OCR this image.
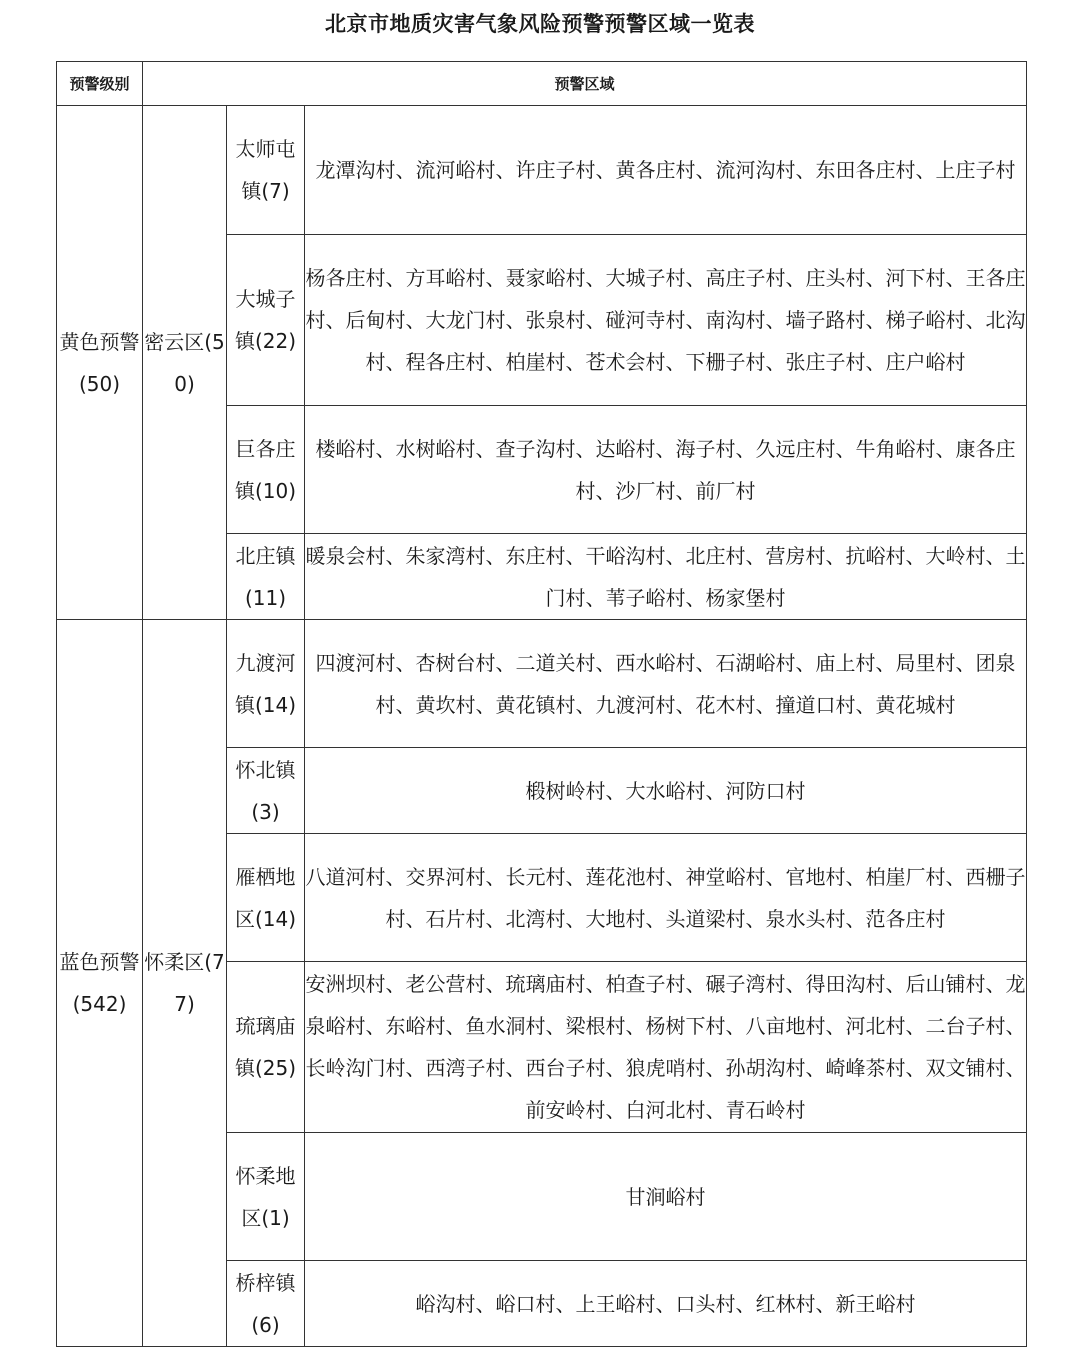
北京市地质灾害气象风险预警预警区域一览表
预警级别	预警区域		
黄色预警(50)	密云区(50)	太师屯镇(7)	龙潭沟村、流河峪村、许庄子村、黄各庄村、流河沟村、东田各庄村、上庄子村
		大城子镇(22)	杨各庄村、方耳峪村、聂家峪村、大城子村、高庄子村、庄头村、河下村、王各庄村、后甸村、大龙门村、张泉村、碰河寺村、南沟村、墙子路村、梯子峪村、北沟村、程各庄村、柏崖村、苍术会村、下栅子村、张庄子村、庄户峪村
		巨各庄镇(10)	楼峪村、水树峪村、查子沟村、达峪村、海子村、久远庄村、牛角峪村、康各庄村、沙厂村、前厂村
		北庄镇(11)	暖泉会村、朱家湾村、东庄村、干峪沟村、北庄村、营房村、抗峪村、大岭村、土门村、苇子峪村、杨家堡村
蓝色预警(542)	怀柔区(77)	九渡河镇(14)	四渡河村、杏树台村、二道关村、西水峪村、石湖峪村、庙上村、局里村、团泉村、黄坎村、黄花镇村、九渡河村、花木村、撞道口村、黄花城村
		怀北镇(3)	椴树岭村、大水峪村、河防口村
		雁栖地区(14)	八道河村、交界河村、长元村、莲花池村、神堂峪村、官地村、柏崖厂村、西栅子村、石片村、北湾村、大地村、头道梁村、泉水头村、范各庄村
		琉璃庙镇(25)	安洲坝村、老公营村、琉璃庙村、柏查子村、碾子湾村、得田沟村、后山铺村、龙泉峪村、东峪村、鱼水洞村、梁根村、杨树下村、八亩地村、河北村、二台子村、长岭沟门村、西湾子村、西台子村、狼虎哨村、孙胡沟村、崎峰茶村、双文铺村、前安岭村、白河北村、青石岭村
		怀柔地区(1)	甘涧峪村
		桥梓镇(6)	峪沟村、峪口村、上王峪村、口头村、红林村、新王峪村
